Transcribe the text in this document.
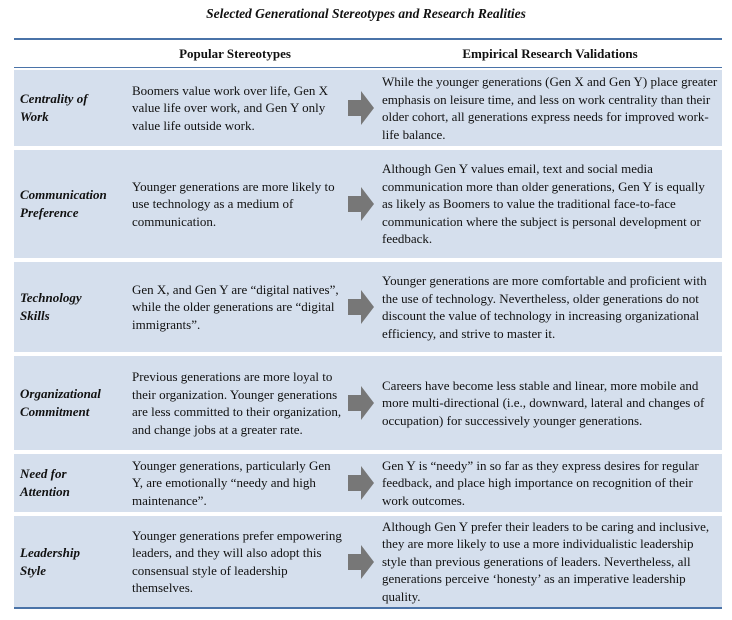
Selected Generational Stereotypes and Research Realities
Popular Stereotypes	Empirical Research Validations
Centrality of
Work
Boomers value work over life, Gen X value life over work, and Gen Y only value life outside work.
While the younger generations (Gen X and Gen Y) place greater emphasis on leisure time, and less on work centrality than their older cohort, all generations express needs for improved work-life balance.
Communication
Preference
Younger generations are more likely to use technology as a medium of communication.
Although Gen Y values email, text and social media communication more than older generations, Gen Y is equally as likely as Boomers to value the traditional face-to-face communication where the subject is personal development or feedback.
Technology
Skills
Gen X, and Gen Y are “digital natives”, while the older generations are “digital immigrants”.
Younger generations are more comfortable and proficient with the use of technology. Nevertheless, older generations do not discount the value of technology in increasing organizational efficiency, and strive to master it.
Organizational
Commitment
Previous generations are more loyal to their organization. Younger generations are less committed to their organization, and change jobs at a greater rate.
Careers have become less stable and linear, more mobile and more multi-directional (i.e., downward, lateral and changes of occupation) for successively younger generations.
Need for
Attention
Younger generations, particularly Gen Y, are emotionally “needy and high maintenance”.
Gen Y is “needy” in so far as they express desires for regular feedback, and place high importance on recognition of their work outcomes.
Leadership
Style
Younger generations prefer empowering leaders, and they will also adopt this consensual style of leadership themselves.
Although Gen Y prefer their leaders to be caring and inclusive, they are more likely to use a more individualistic leadership style than previous generations of leaders. Nevertheless, all generations perceive ‘honesty’ as an imperative leadership quality.
